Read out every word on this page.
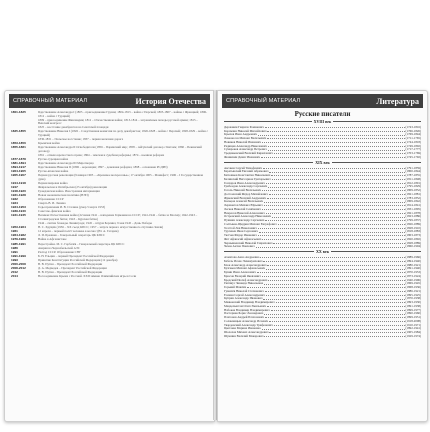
СПРАВОЧНЫЙ МАТЕРИАЛ	История Отечества
1801-1825	Царствование Александра I (1805 – присоединение Грузии; 1804-1813 – война с Персией; 1805-1807 – войны с Францией; 1806-1812 – война с Турцией)
1809 – присоединение Финляндии; 1812 – Отечественная война; 1813-1814 – заграничные походы русской армии; 1815 – Венский конгресс
1825 – восстание декабристов на Сенатской площади
1825-1855	Царствование Николая I (1826 – Следственная комиссия по делу декабристов; 1826-1828 – война с Персией; 1828-1829 – война с Турцией)
1830-1831 – Польское восстание; 1837 – первая железная дорога
1853-1856	Крымская война
1855-1881	Царствование Александра II Освободителя (1856 – Парижский мир; 1858 – Айгунский договор с Китаем; 1860 – Пекинский договор)
1861 – отмена крепостного права; 1864 – земская и судебная реформы; 1874 – военная реформа
1877-1878	Русско-турецкая война
1881-1894	Царствование Александра III Миротворца
1894-1917	Царствование Николая II (1896 – коронация; 1897 – денежная реформа; 1898 – основание РСДРП)
1904-1905	Русско-японская война
1905-1907	Первая русская революция (9 января 1905 – «Кровавое воскресенье»; 17 октября 1905 – Манифест; 1906 – I Государственная дума)
1914-1918	Первая мировая война
1917	Февральская и Октябрьская (25 октября) революции
1918-1920	Гражданская война. Иностранная интервенция
1921-1928	Новая экономическая политика (НЭП)
1922	Образование СССР
1924	Смерть В. И. Ленина
1924-1953	Годы правления И. В. Сталина (умер 5 марта 1953)
1939-1940	Советско-финская война
1941-1945	Великая Отечественная война (22 июня 1941 – нападение Германии на СССР; 1941-1942 – битва за Москву; 1942-1943 – Сталинградская битва; 1943 – Курская битва)
1944 – снятие блокады Ленинграда; 1945 – штурм Берлина; 9 мая 1945 – День Победы
1953-1964	Н. С. Хрущёв (1956 – XX съезд КПСС; 1957 – запуск первого искусственного спутника Земли)
1961	12 апреля – первый полёт человека в космос (Ю. А. Гагарин)
1964-1982	Л. И. Брежнев – Генеральный секретарь ЦК КПСС
1979-1989	Война в Афганистане
1985-1991	Перестройка. М. С. Горбачёв – Генеральный секретарь ЦК КПСС
1986	Авария на Чернобыльской АЭС
1991	Распад СССР. Образование СНГ
1991-1999	Б. Н. Ельцин – первый Президент Российской Федерации
1993	Принятие Конституции Российской Федерации (12 декабря)
2000-2008	В. В. Путин – Президент Российской Федерации
2008-2012	Д. А. Медведев – Президент Российской Федерации
2012	В. В. Путин – Президент Российской Федерации
2014	Воссоединение Крыма с Россией. XXII зимние Олимпийские игры в Сочи
СПРАВОЧНЫЙ МАТЕРИАЛ	Литература
Русские писатели
XVIII век
Державин Гаврила Романович	(1743-1816)
Карамзин Николай Михайлович	(1766-1826)
Крылов Иван Андреевич	(1769-1844)
Ломоносов Михаил Васильевич	(1711-1765)
Новиков Николай Иванович	(1744-1818)
Радищев Александр Николаевич	(1749-1802)
Сумароков Александр Петрович	(1717-1777)
Тредиаковский Василий Кириллович	(1703-1769)
Фонвизин Денис Иванович	(1745-1792)
XIX век
Аксаков Сергей Тимофеевич	(1791-1859)
Баратынский Евгений Абрамович	(1800-1844)
Батюшков Константин Николаевич	(1787-1855)
Белинский Виссарион Григорьевич	(1811-1848)
Гончаров Иван Александрович	(1812-1891)
Грибоедов Александр Сергеевич	(1795-1829)
Гоголь Николай Васильевич	(1809-1852)
Достоевский Фёдор Михайлович	(1821-1881)
Жуковский Василий Андреевич	(1783-1852)
Кольцов Алексей Васильевич	(1809-1842)
Лермонтов Михаил Юрьевич	(1814-1841)
Лесков Николай Семёнович	(1831-1895)
Некрасов Николай Алексеевич	(1821-1878)
Островский Александр Николаевич	(1823-1886)
Пушкин Александр Сергеевич	(1799-1837)
Салтыков-Щедрин Михаил Евграфович	(1826-1889)
Толстой Лев Николаевич	(1828-1910)
Тургенев Иван Сергеевич	(1818-1883)
Тютчев Фёдор Иванович	(1803-1873)
Фет Афанасий Афанасьевич	(1820-1892)
Чернышевский Николай Гаврилович	(1828-1889)
Чехов Антон Павлович	(1860-1904)
XX век
Ахматова Анна Андреевна	(1889-1966)
Бабель Исаак Эммануилович	(1894-1940)
Блок Александр Александрович	(1880-1921)
Булгаков Михаил Афанасьевич	(1891-1940)
Бунин Иван Алексеевич	(1870-1953)
Брюсов Валерий Яковлевич	(1873-1924)
Бродский Иосиф Александрович	(1940-1996)
Гиппиус Зинаида Николаевна	(1869-1945)
Горький Максим	(1868-1936)
Гумилёв Николай Степанович	(1886-1921)
Есенин Сергей Александрович	(1895-1925)
Куприн Александр Иванович	(1870-1938)
Маяковский Владимир Владимирович	(1893-1930)
Мандельштам Осип Эмильевич	(1891-1938)
Набоков Владимир Владимирович	(1899-1977)
Пастернак Борис Леонидович	(1890-1960)
Платонов Андрей Платонович	(1899-1951)
Солженицын Александр Исаевич	(1918-2008)
Твардовский Александр Трифонович	(1910-1971)
Цветаева Марина Ивановна	(1892-1941)
Шолохов Михаил Александрович	(1905-1984)
Шукшин Василий Макарович	(1929-1974)
